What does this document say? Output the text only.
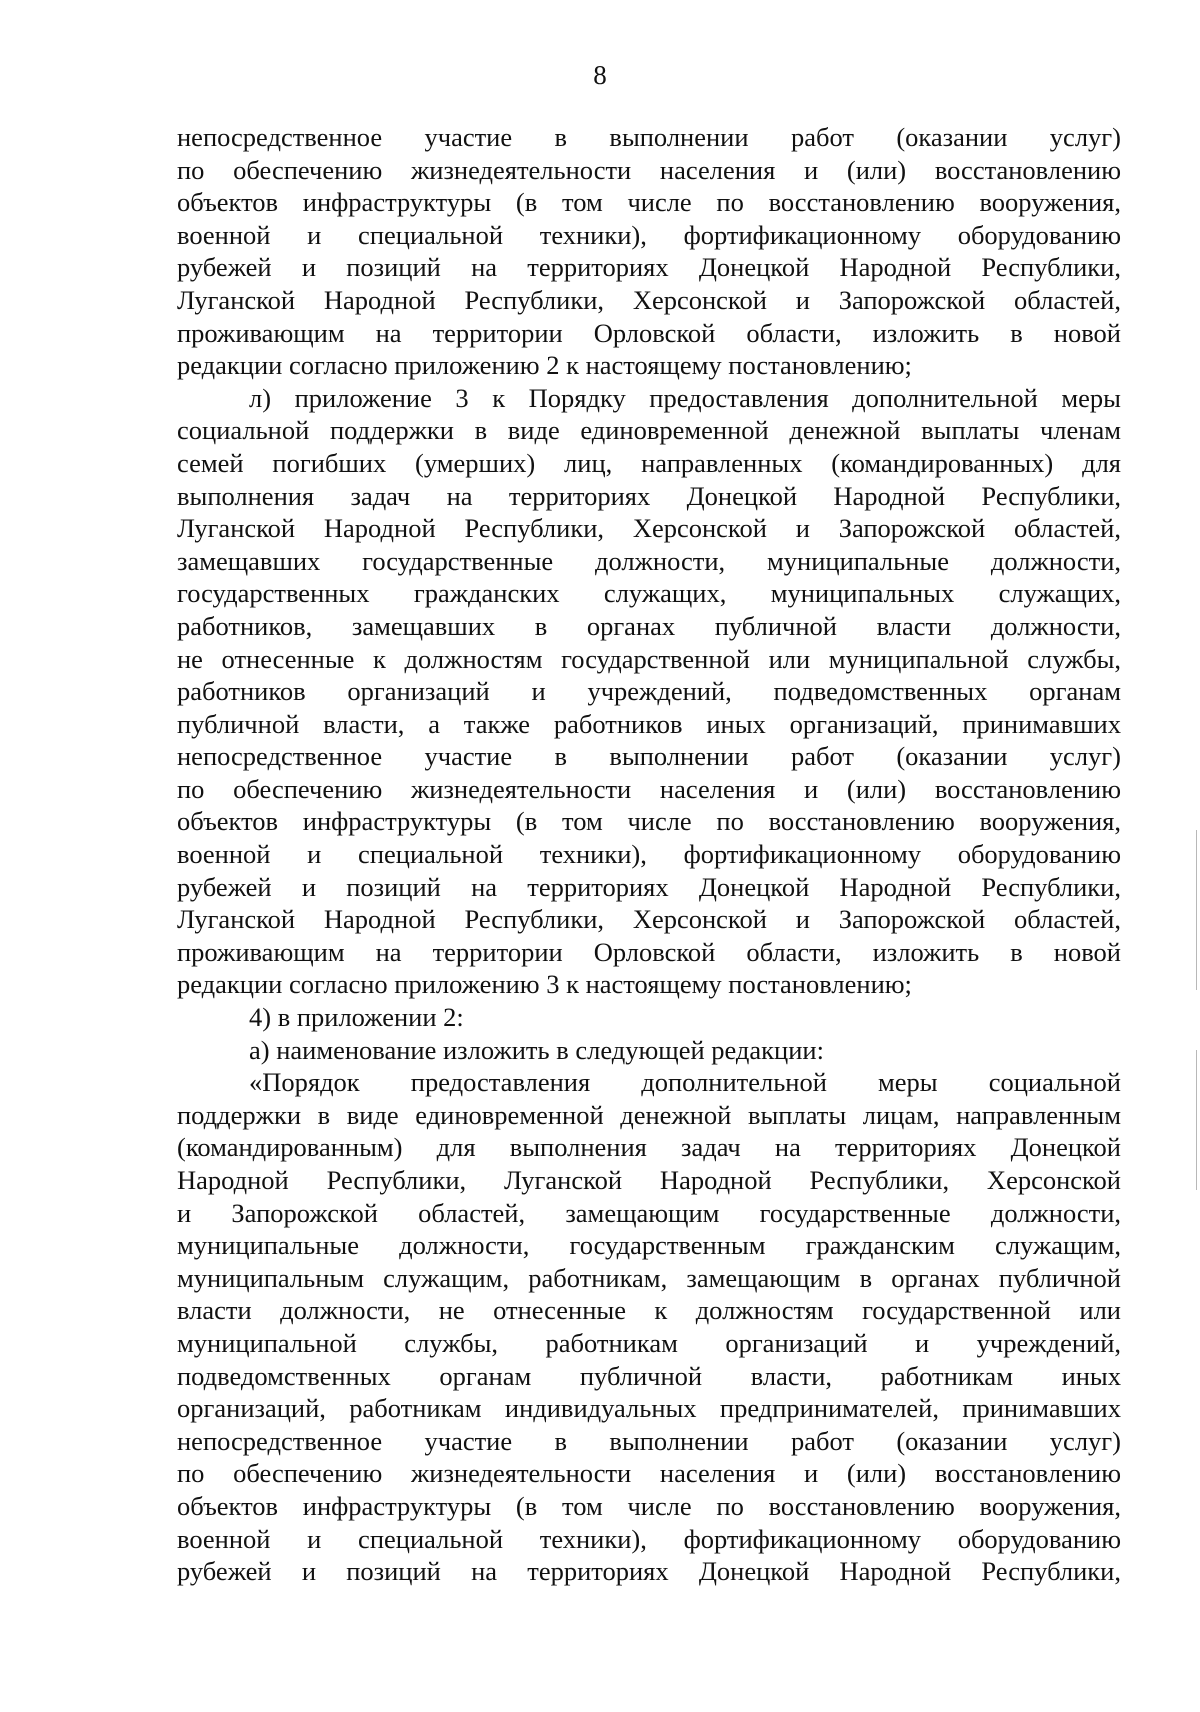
8

непосредственное участие в выполнении работ (оказании услуг)
по обеспечению жизнедеятельности населения и (или) восстановлению
объектов инфраструктуры (в том числе по восстановлению вооружения,
военной и специальной техники), фортификационному оборудованию
рубежей и позиций на территориях Донецкой Народной Республики,
Луганской Народной Республики, Херсонской и Запорожской областей,
проживающим на территории Орловской области, изложить в новой
редакции согласно приложению 2 к настоящему постановлению;

л) приложение 3 к Порядку предоставления дополнительной меры
социальной поддержки в виде единовременной денежной выплаты членам
семей погибших (умерших) лиц, направленных (командированных) для
выполнения задач на территориях Донецкой Народной Республики,
Луганской Народной Республики, Херсонской и Запорожской областей,
замещавших государственные должности, муниципальные должности,
государственных гражданских служащих, муниципальных служащих,
работников, замещавших в органах публичной власти должности,
не отнесенные к должностям государственной или муниципальной службы,
работников организаций и учреждений, подведомственных органам
публичной власти, а также работников иных организаций, принимавших
непосредственное участие в выполнении работ (оказании услуг)
по обеспечению жизнедеятельности населения и (или) восстановлению
объектов инфраструктуры (в том числе по восстановлению вооружения,
военной и специальной техники), фортификационному оборудованию
рубежей и позиций на территориях Донецкой Народной Республики,
Луганской Народной Республики, Херсонской и Запорожской областей,
проживающим на территории Орловской области, изложить в новой
редакции согласно приложению 3 к настоящему постановлению;

4) в приложении 2:

а) наименование изложить в следующей редакции:

«Порядок предоставления дополнительной меры социальной
поддержки в виде единовременной денежной выплаты лицам, направленным
(командированным) для выполнения задач на территориях Донецкой
Народной Республики, Луганской Народной Республики, Херсонской
и Запорожской областей, замещающим государственные должности,
муниципальные должности, государственным гражданским служащим,
муниципальным служащим, работникам, замещающим в органах публичной
власти должности, не отнесенные к должностям государственной или
муниципальной службы, работникам организаций и учреждений,
подведомственных органам публичной власти, работникам иных
организаций, работникам индивидуальных предпринимателей, принимавших
непосредственное участие в выполнении работ (оказании услуг)
по обеспечению жизнедеятельности населения и (или) восстановлению
объектов инфраструктуры (в том числе по восстановлению вооружения,
военной и специальной техники), фортификационному оборудованию
рубежей и позиций на территориях Донецкой Народной Республики,
